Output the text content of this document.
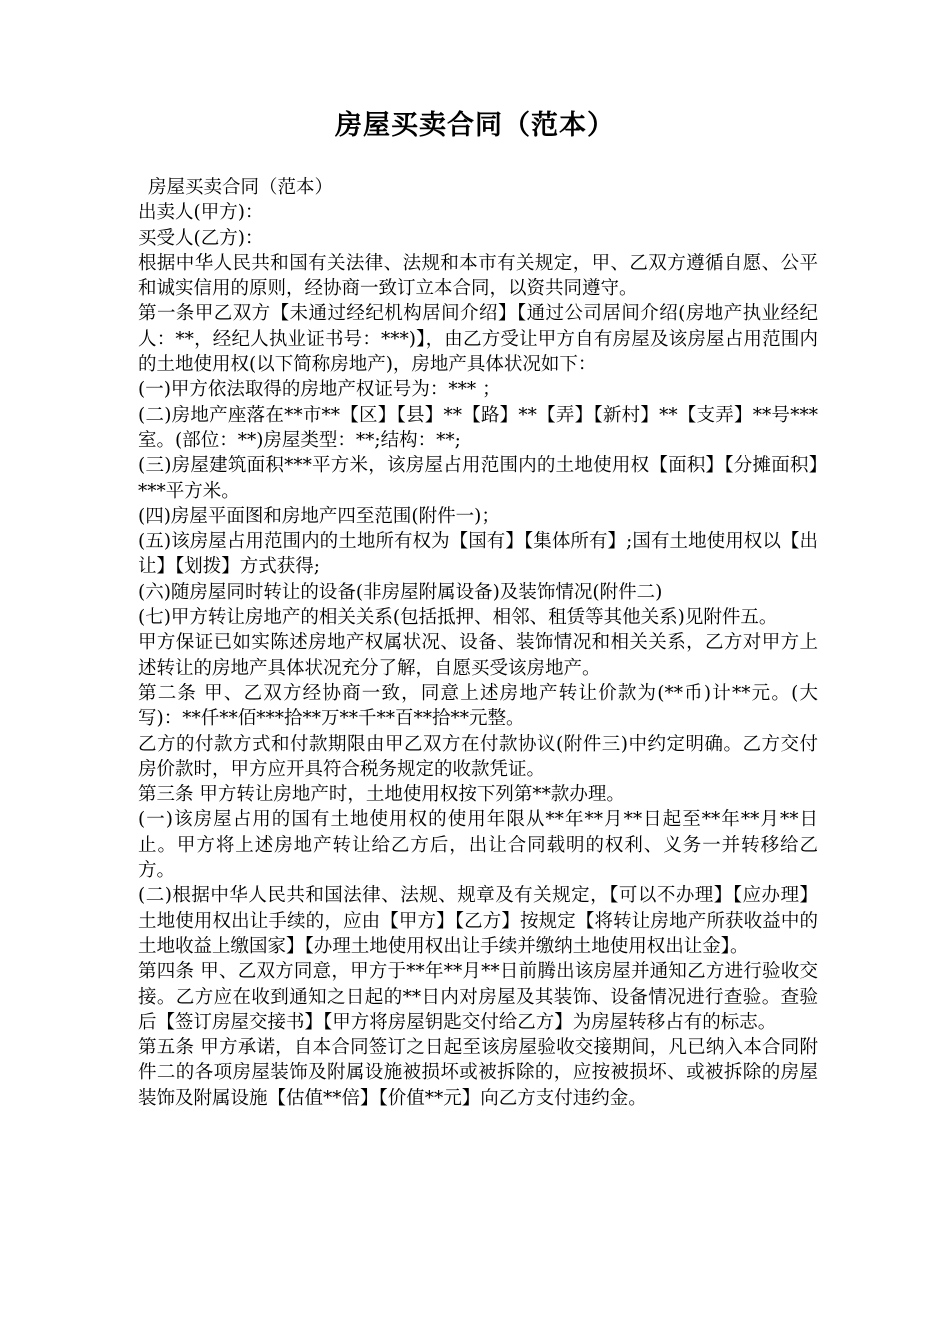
房屋买卖合同（范本）

房屋买卖合同（范本）

出卖人(甲方)：

买受人(乙方)：

根据中华人民共和国有关法律、法规和本市有关规定，甲、乙双方遵循自愿、公平和诚实信用的原则，经协商一致订立本合同，以资共同遵守。

第一条甲乙双方【未通过经纪机构居间介绍】【通过公司居间介绍(房地产执业经纪人：**，经纪人执业证书号：***)】，由乙方受让甲方自有房屋及该房屋占用范围内的土地使用权(以下简称房地产)，房地产具体状况如下：

(一)甲方依法取得的房地产权证号为：*** ；

(二)房地产座落在**市**【区】【县】**【路】**【弄】【新村】**【支弄】**号***室。(部位：**)房屋类型：**;结构：**;

(三)房屋建筑面积***平方米，该房屋占用范围内的土地使用权【面积】【分摊面积】***平方米。

(四)房屋平面图和房地产四至范围(附件一)；

(五)该房屋占用范围内的土地所有权为【国有】【集体所有】;国有土地使用权以【出让】【划拨】方式获得;

(六)随房屋同时转让的设备(非房屋附属设备)及装饰情况(附件二)

(七)甲方转让房地产的相关关系(包括抵押、相邻、租赁等其他关系)见附件五。

甲方保证已如实陈述房地产权属状况、设备、装饰情况和相关关系，乙方对甲方上述转让的房地产具体状况充分了解，自愿买受该房地产。

第二条 甲、乙双方经协商一致，同意上述房地产转让价款为(**币)计**元。(大写)：**仟**佰***拾**万**千**百**拾**元整。

乙方的付款方式和付款期限由甲乙双方在付款协议(附件三)中约定明确。乙方交付房价款时，甲方应开具符合税务规定的收款凭证。

第三条 甲方转让房地产时，土地使用权按下列第**款办理。

(一)该房屋占用的国有土地使用权的使用年限从**年**月**日起至**年**月**日止。甲方将上述房地产转让给乙方后，出让合同载明的权利、义务一并转移给乙方。

(二)根据中华人民共和国法律、法规、规章及有关规定，【可以不办理】【应办理】土地使用权出让手续的，应由【甲方】【乙方】按规定【将转让房地产所获收益中的土地收益上缴国家】【办理土地使用权出让手续并缴纳土地使用权出让金】。

第四条 甲、乙双方同意，甲方于**年**月**日前腾出该房屋并通知乙方进行验收交接。乙方应在收到通知之日起的**日内对房屋及其装饰、设备情况进行查验。查验后【签订房屋交接书】【甲方将房屋钥匙交付给乙方】为房屋转移占有的标志。

第五条 甲方承诺，自本合同签订之日起至该房屋验收交接期间，凡已纳入本合同附件二的各项房屋装饰及附属设施被损坏或被拆除的，应按被损坏、或被拆除的房屋装饰及附属设施【估值**倍】【价值**元】向乙方支付违约金。
